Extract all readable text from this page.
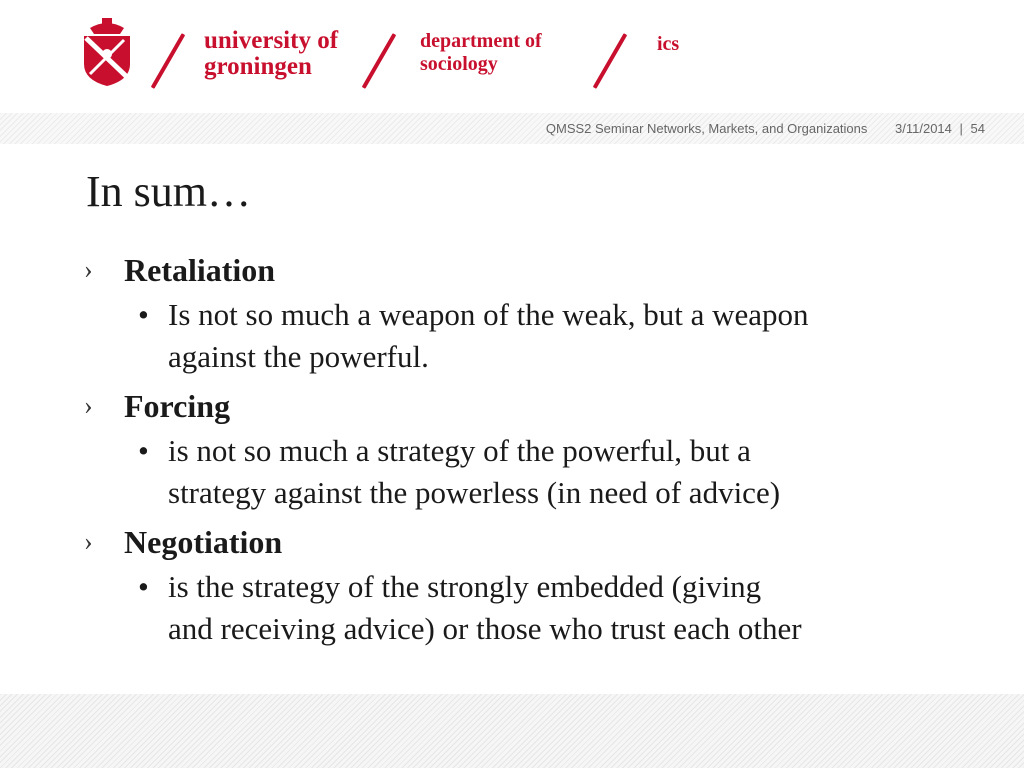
university of
groningen
department of
sociology
ics
QMSS2 Seminar Networks, Markets, and Organizations 3/11/2014 | 54
In sum…
› Retaliation
• Is not so much a weapon of the weak, but a weapon
against the powerful.
› Forcing
• is not so much a strategy of the powerful, but a
strategy against the powerless (in need of advice)
› Negotiation
• is the strategy of the strongly embedded (giving
and receiving advice) or those who trust each other
